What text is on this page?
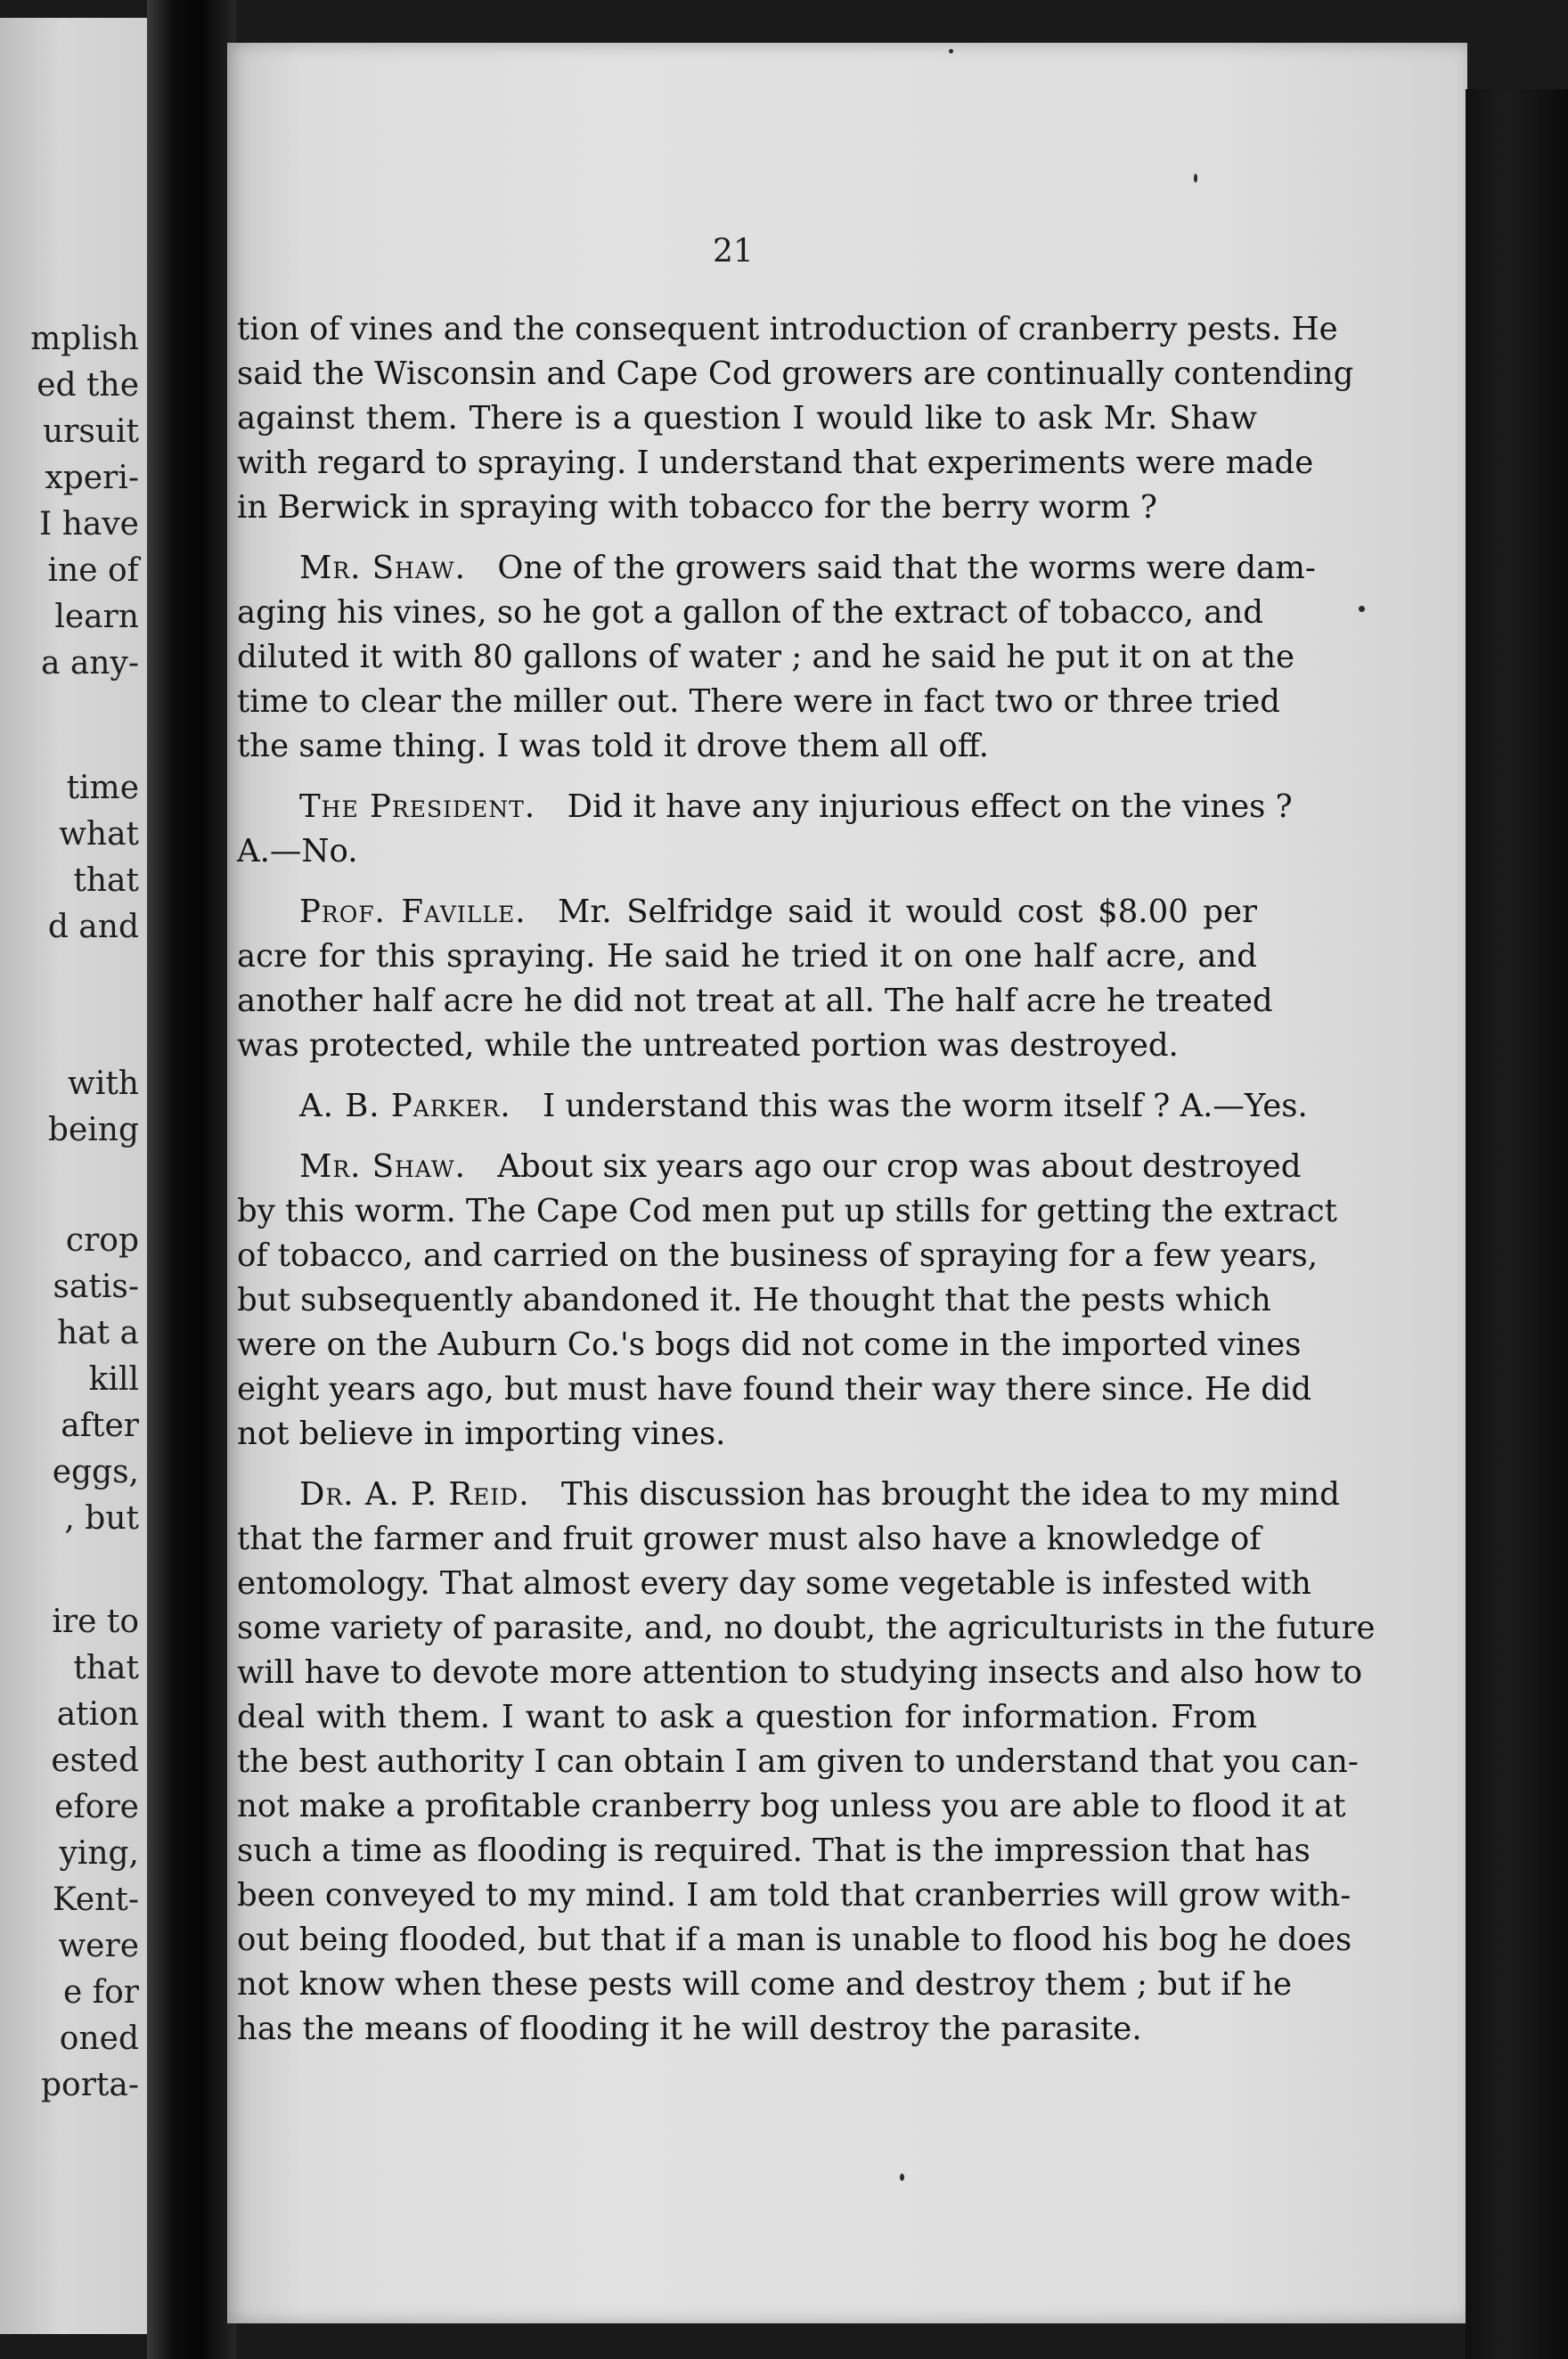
mplish
ed the
ursuit
xperi-
I have
ine of
learn
a any-
time
what
that
d and
with
being
crop
satis-
hat a
kill
after
eggs,
, but
ire to
that
ation
ested
efore
ying,
Kent-
were
e for
oned
porta-
21
tion of vines and the consequent introduction of cranberry pests. He
said the Wisconsin and Cape Cod growers are continually contending
against them. There is a question I would like to ask Mr. Shaw
with regard to spraying. I understand that experiments were made
in Berwick in spraying with tobacco for the berry worm ?
Mr. Shaw.  One of the growers said that the worms were dam-
aging his vines, so he got a gallon of the extract of tobacco, and
diluted it with 80 gallons of water ; and he said he put it on at the
time to clear the miller out. There were in fact two or three tried
the same thing. I was told it drove them all off.
The President.  Did it have any injurious effect on the vines ?
A.—No.
Prof. Faville.  Mr. Selfridge said it would cost $8.00 per
acre for this spraying. He said he tried it on one half acre, and
another half acre he did not treat at all. The half acre he treated
was protected, while the untreated portion was destroyed.
A. B. Parker.  I understand this was the worm itself ? A.—Yes.
Mr. Shaw.  About six years ago our crop was about destroyed
by this worm. The Cape Cod men put up stills for getting the extract
of tobacco, and carried on the business of spraying for a few years,
but subsequently abandoned it. He thought that the pests which
were on the Auburn Co.'s bogs did not come in the imported vines
eight years ago, but must have found their way there since. He did
not believe in importing vines.
Dr. A. P. Reid.  This discussion has brought the idea to my mind
that the farmer and fruit grower must also have a knowledge of
entomology. That almost every day some vegetable is infested with
some variety of parasite, and, no doubt, the agriculturists in the future
will have to devote more attention to studying insects and also how to
deal with them. I want to ask a question for information. From
the best authority I can obtain I am given to understand that you can-
not make a profitable cranberry bog unless you are able to flood it at
such a time as flooding is required. That is the impression that has
been conveyed to my mind. I am told that cranberries will grow with-
out being flooded, but that if a man is unable to flood his bog he does
not know when these pests will come and destroy them ; but if he
has the means of flooding it he will destroy the parasite.
